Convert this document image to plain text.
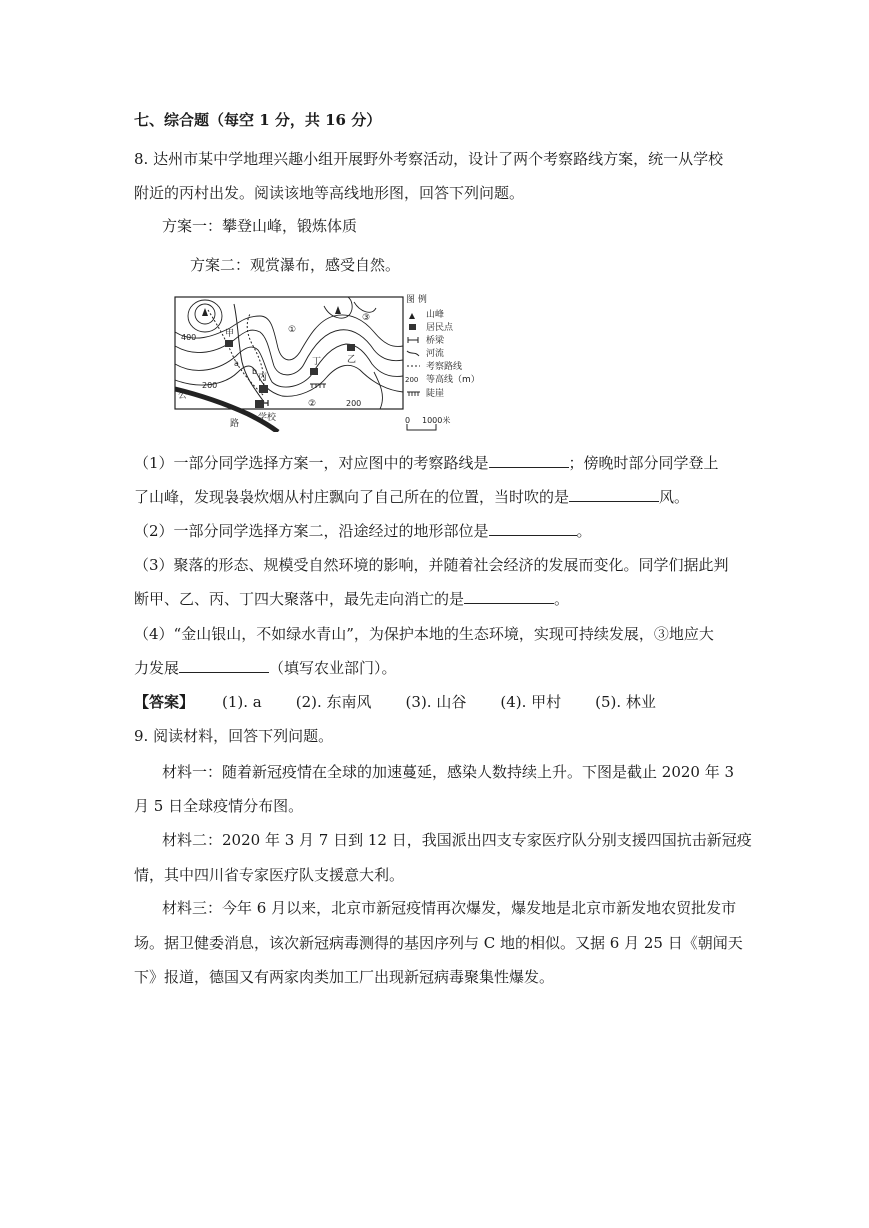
七、综合题（每空 1 分，共 16 分）
8. 达州市某中学地理兴趣小组开展野外考察活动，设计了两个考察路线方案，统一从学校
附近的丙村出发。阅读该地等高线地形图，回答下列问题。
方案一：攀登山峰，锻炼体质
方案二：观赏瀑布，感受自然。
400
200
200
甲
丁	乙
丙
a
b
①
②
③
公
路
学校
图 例
山峰
居民点
桥梁
河流
考察路线
200 等高线（m）
陡崖
0 1000米
（1）一部分同学选择方案一，对应图中的考察路线是	；傍晚时部分同学登上
了山峰，发现袅袅炊烟从村庄飘向了自己所在的位置，当时吹的是	风。
（2）一部分同学选择方案二，沿途经过的地形部位是	。
（3）聚落的形态、规模受自然环境的影响，并随着社会经济的发展而变化。同学们据此判
断甲、乙、丙、丁四大聚落中，最先走向消亡的是	。
（4）“金山银山，不如绿水青山”，为保护本地的生态环境，实现可持续发展，③地应大
力发展	（填写农业部门）。
【答案】 (1). a (2). 东南风 (3). 山谷 (4). 甲村 (5). 林业
9. 阅读材料，回答下列问题。
材料一：随着新冠疫情在全球的加速蔓延，感染人数持续上升。下图是截止 2020 年 3
月 5 日全球疫情分布图。
材料二：2020 年 3 月 7 日到 12 日，我国派出四支专家医疗队分别支援四国抗击新冠疫
情，其中四川省专家医疗队支援意大利。
材料三：今年 6 月以来，北京市新冠疫情再次爆发，爆发地是北京市新发地农贸批发市
场。据卫健委消息，该次新冠病毒测得的基因序列与 C 地的相似。又据 6 月 25 日《朝闻天
下》报道，德国又有两家肉类加工厂出现新冠病毒聚集性爆发。
